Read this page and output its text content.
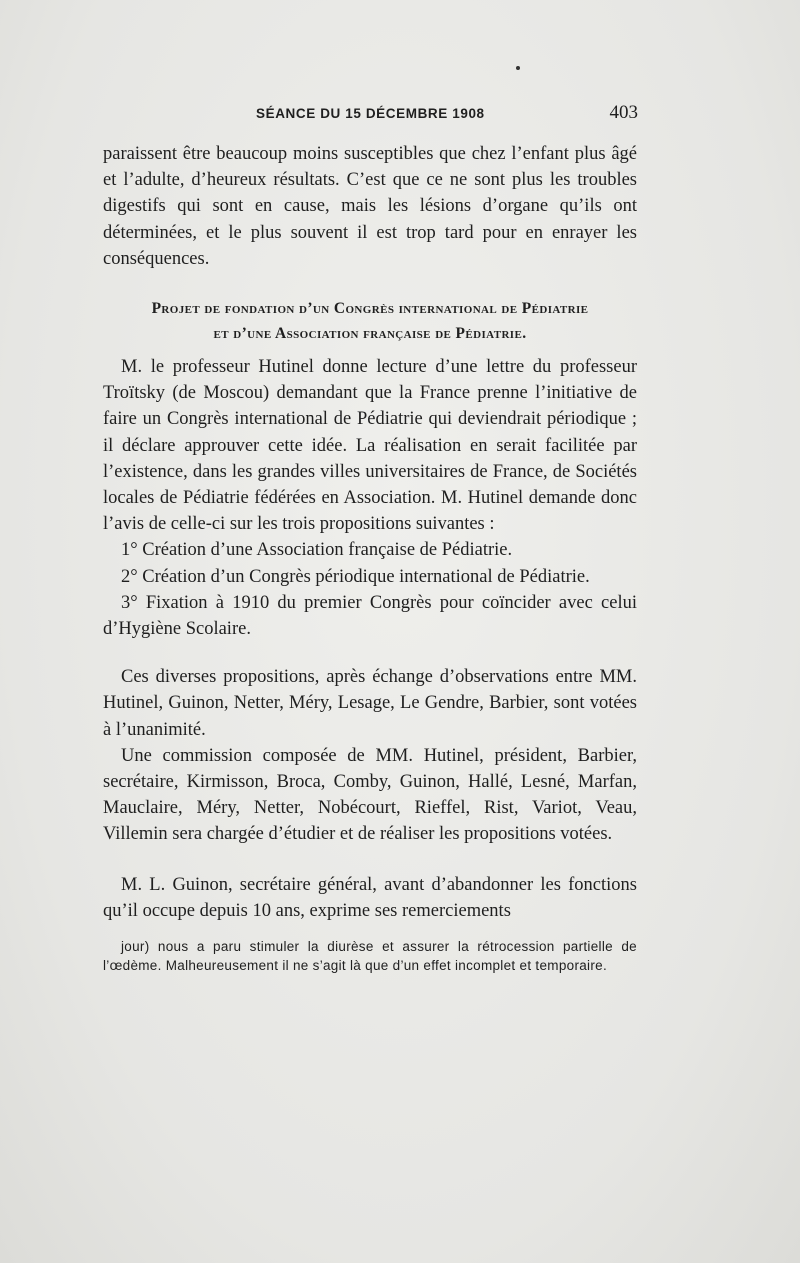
SÉANCE DU 15 DÉCEMBRE 1908	403

paraissent être beaucoup moins susceptibles que chez l’enfant plus âgé et l’adulte, d’heureux résultats. C’est que ce ne sont plus les troubles digestifs qui sont en cause, mais les lésions d’organe qu’ils ont déterminées, et le plus souvent il est trop tard pour en enrayer les conséquences.

Projet de fondation d’un Congrès international de Pédiatrie
et d’une Association française de Pédiatrie.

M. le professeur Hutinel donne lecture d’une lettre du professeur Troïtsky (de Moscou) demandant que la France prenne l’initiative de faire un Congrès international de Pédiatrie qui deviendrait périodique ; il déclare approuver cette idée. La réalisation en serait facilitée par l’existence, dans les grandes villes universitaires de France, de Sociétés locales de Pédiatrie fédérées en Association. M. Hutinel demande donc l’avis de celle-ci sur les trois propositions suivantes :

1° Création d’une Association française de Pédiatrie.

2° Création d’un Congrès périodique international de Pédiatrie.

3° Fixation à 1910 du premier Congrès pour coïncider avec celui d’Hygiène Scolaire.

Ces diverses propositions, après échange d’observations entre MM. Hutinel, Guinon, Netter, Méry, Lesage, Le Gendre, Barbier, sont votées à l’unanimité.

Une commission composée de MM. Hutinel, président, Barbier, secrétaire, Kirmisson, Broca, Comby, Guinon, Hallé, Lesné, Marfan, Mauclaire, Méry, Netter, Nobécourt, Rieffel, Rist, Variot, Veau, Villemin sera chargée d’étudier et de réaliser les propositions votées.

M. L. Guinon, secrétaire général, avant d’abandonner les fonctions qu’il occupe depuis 10 ans, exprime ses remerciements

jour) nous a paru stimuler la diurèse et assurer la rétrocession partielle de l’œdème. Malheureusement il ne s’agit là que d’un effet incomplet et temporaire.
